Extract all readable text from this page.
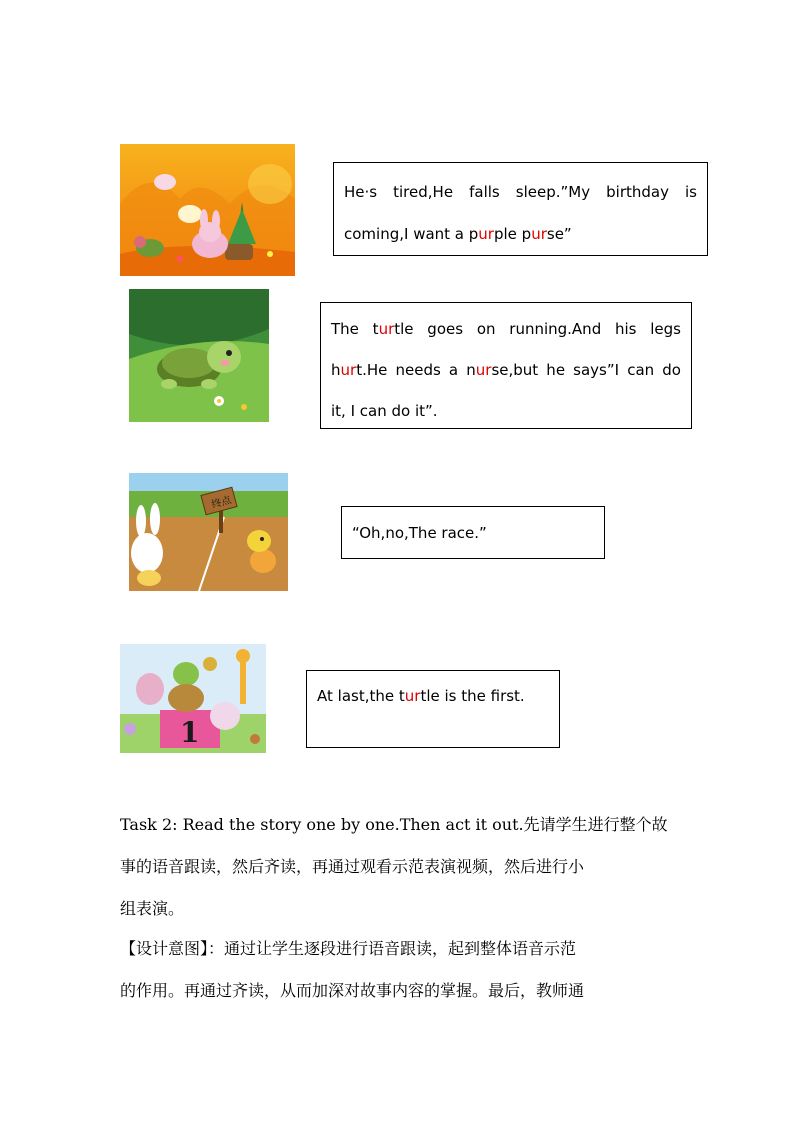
He·s tired,He falls sleep.”My birthday is

coming,I want a purple purse”

The turtle goes on running.And his legs

hurt.He needs a nurse,but he says”I can do

it, I can do it”.

终点

“Oh,no,The race.”

1

At last,the turtle is the first.

Task 2: Read the story one by one.Then act it out.先请学生进行整个故

事的语音跟读，然后齐读，再通过观看示范表演视频，然后进行小

组表演。

【设计意图】：通过让学生逐段进行语音跟读，起到整体语音示范

的作用。再通过齐读，从而加深对故事内容的掌握。最后，教师通
